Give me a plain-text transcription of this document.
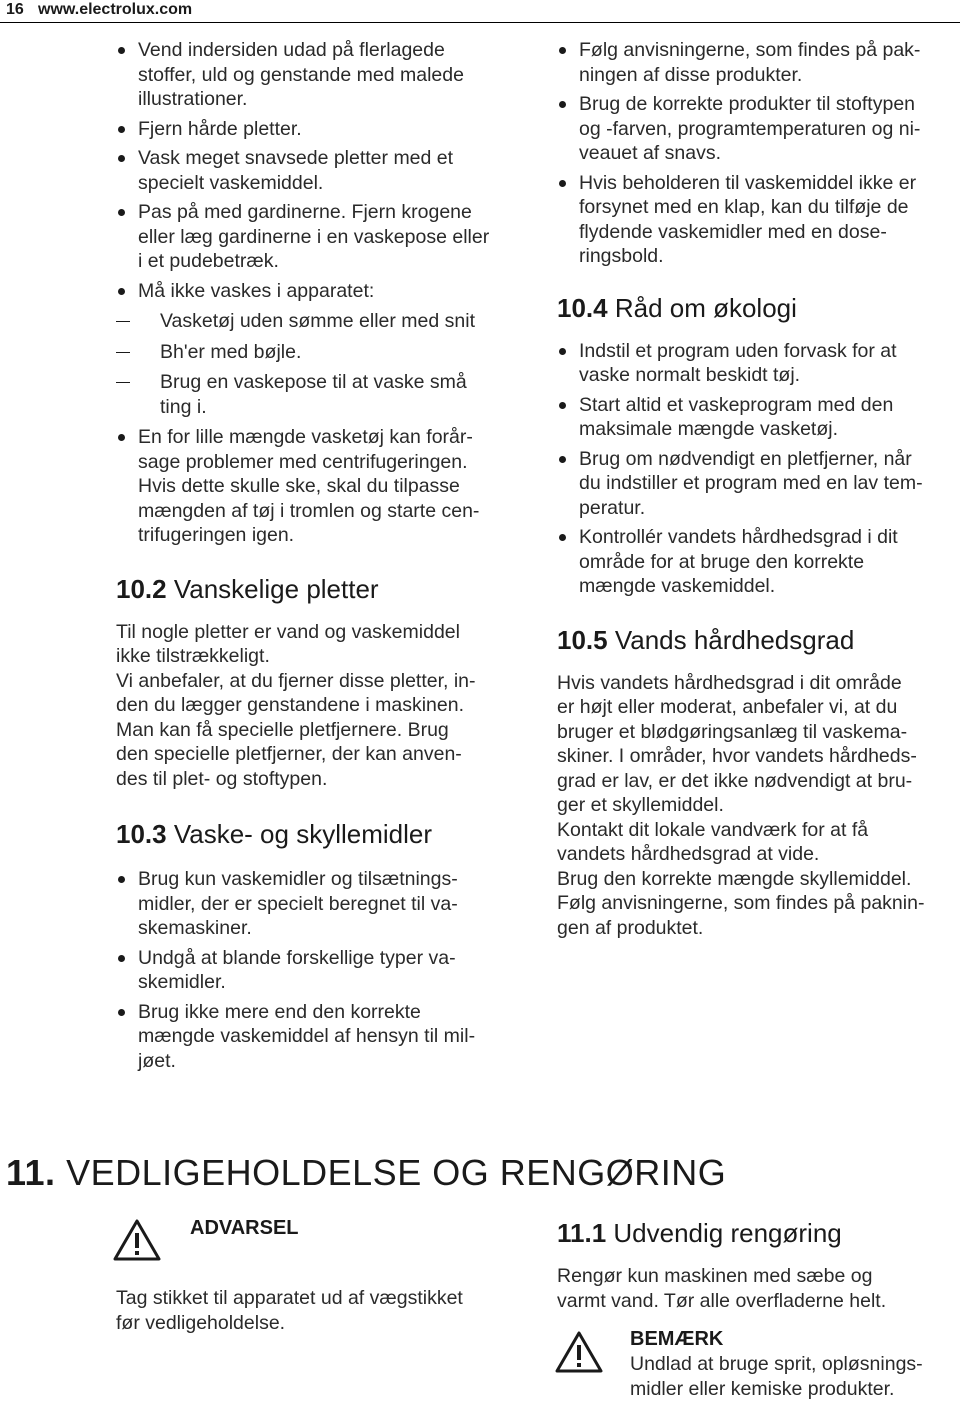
16 www.electrolux.com
Vend indersiden udad på flerlagede
stoffer, uld og genstande med malede
illustrationer.
Fjern hårde pletter.
Vask meget snavsede pletter med et
specielt vaskemiddel.
Pas på med gardinerne. Fjern krogene
eller læg gardinerne i en vaskepose eller
i et pudebetræk.
Må ikke vaskes i apparatet:
Vasketøj uden sømme eller med snit
Bh'er med bøjle.
Brug en vaskepose til at vaske små
ting i.
En for lille mængde vasketøj kan forår-
sage problemer med centrifugeringen.
Hvis dette skulle ske, skal du tilpasse
mængden af tøj i tromlen og starte cen-
trifugeringen igen.
10.2 Vanskelige pletter

Til nogle pletter er vand og vaskemiddel
ikke tilstrækkeligt.
Vi anbefaler, at du fjerner disse pletter, in-
den du lægger genstandene i maskinen.
Man kan få specielle pletfjernere. Brug
den specielle pletfjerner, der kan anven-
des til plet- og stoftypen.

10.3 Vaske- og skyllemidler
Brug kun vaskemidler og tilsætnings-
midler, der er specielt beregnet til va-
skemaskiner.
Undgå at blande forskellige typer va-
skemidler.
Brug ikke mere end den korrekte
mængde vaskemiddel af hensyn til mil-
jøet.
Følg anvisningerne, som findes på pak-
ningen af disse produkter.
Brug de korrekte produkter til stoftypen
og -farven, programtemperaturen og ni-
veauet af snavs.
Hvis beholderen til vaskemiddel ikke er
forsynet med en klap, kan du tilføje de
flydende vaskemidler med en dose-
ringsbold.
10.4 Råd om økologi
Indstil et program uden forvask for at
vaske normalt beskidt tøj.
Start altid et vaskeprogram med den
maksimale mængde vasketøj.
Brug om nødvendigt en pletfjerner, når
du indstiller et program med en lav tem-
peratur.
Kontrollér vandets hårdhedsgrad i dit
område for at bruge den korrekte
mængde vaskemiddel.
10.5 Vands hårdhedsgrad

Hvis vandets hårdhedsgrad i dit område
er højt eller moderat, anbefaler vi, at du
bruger et blødgøringsanlæg til vaskema-
skiner. I områder, hvor vandets hårdheds-
grad er lav, er det ikke nødvendigt at bru-
ger et skyllemiddel.
Kontakt dit lokale vandværk for at få
vandets hårdhedsgrad at vide.
Brug den korrekte mængde skyllemiddel.
Følg anvisningerne, som findes på paknin-
gen af produktet.

11. VEDLIGEHOLDELSE OG RENGØRING
ADVARSEL
Tag stikket til apparatet ud af vægstikket
før vedligeholdelse.
11.1 Udvendig rengøring
Rengør kun maskinen med sæbe og
varmt vand. Tør alle overfladerne helt.
BEMÆRK
Undlad at bruge sprit, opløsnings-
midler eller kemiske produkter.
